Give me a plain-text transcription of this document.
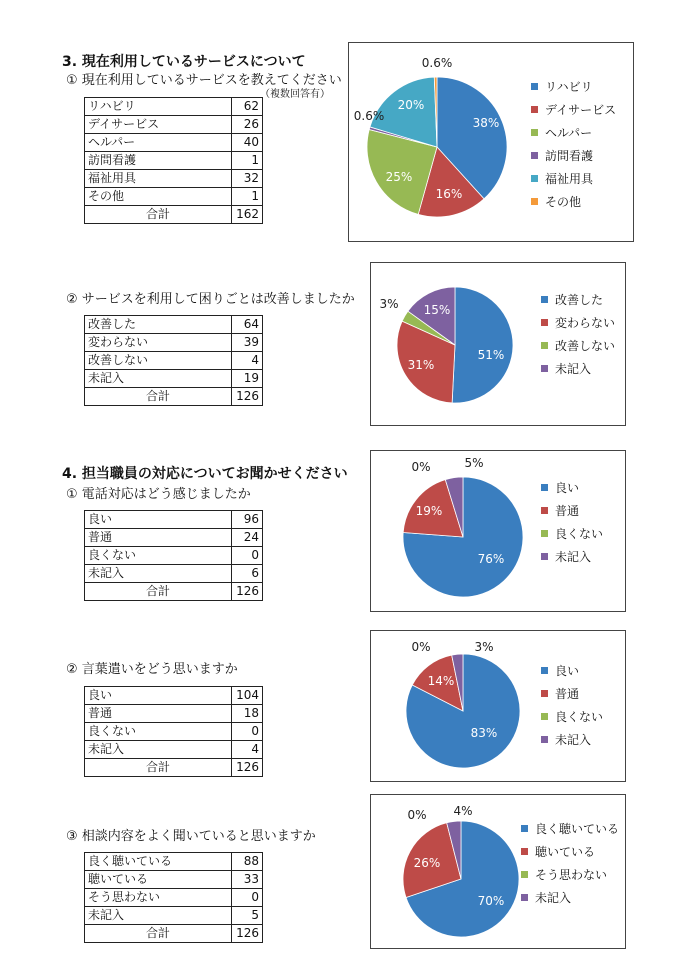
3. 現在利用しているサービスについて
① 現在利用しているサービスを教えてください
（複数回答有）
リハビリ	62
デイサービス	26
ヘルパー	40
訪問看護	1
福祉用具	32
その他	1
合計	162
38%
16%
25%
0.6%
20%
0.6%
リハビリ
デイサービス
ヘルパー
訪問看護
福祉用具
その他
② サービスを利用して困りごとは改善しましたか
改善した	64
変わらない	39
改善しない	4
未記入	19
合計	126
51%
31%
3% 15%
改善した
変わらない
改善しない
未記入
4. 担当職員の対応についてお聞かせください
① 電話対応はどう感じましたか
良い	96
普通	24
良くない	0
未記入	6
合計	126
76%
19%
0%	5%
良い
普通
良くない
未記入
② 言葉遣いをどう思いますか
良い	104
普通	18
良くない	0
未記入	4
合計	126
83%
14%
0%	3%
良い
普通
良くない
未記入
③ 相談内容をよく聞いていると思いますか
良く聴いている	88
聴いている	33
そう思わない	0
未記入	5
合計	126
70%
26%
0% 4%
良く聴いている
聴いている
そう思わない
未記入
